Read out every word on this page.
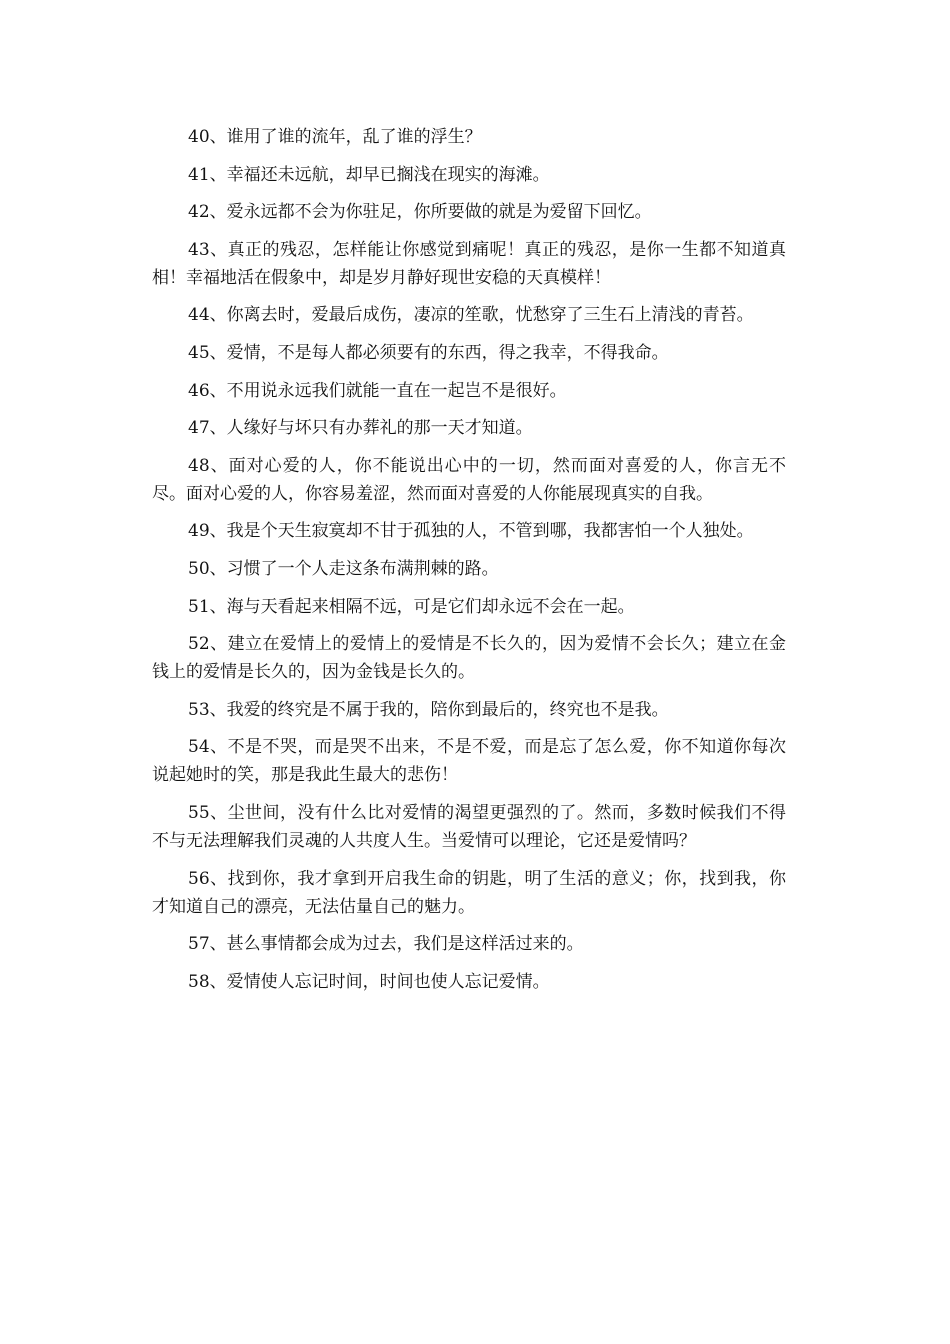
40、谁用了谁的流年，乱了谁的浮生？

41、幸福还未远航，却早已搁浅在现实的海滩。

42、爱永远都不会为你驻足，你所要做的就是为爱留下回忆。

43、真正的残忍，怎样能让你感觉到痛呢！真正的残忍，是你一生都不知道真相！幸福地活在假象中，却是岁月静好现世安稳的天真模样！

44、你离去时，爱最后成伤，凄凉的笙歌，忧愁穿了三生石上清浅的青苔。

45、爱情，不是每人都必须要有的东西，得之我幸，不得我命。

46、不用说永远我们就能一直在一起岂不是很好。

47、人缘好与坏只有办葬礼的那一天才知道。

48、面对心爱的人，你不能说出心中的一切，然而面对喜爱的人，你言无不尽。面对心爱的人，你容易羞涩，然而面对喜爱的人你能展现真实的自我。

49、我是个天生寂寞却不甘于孤独的人，不管到哪，我都害怕一个人独处。

50、习惯了一个人走这条布满荆棘的路。

51、海与天看起来相隔不远，可是它们却永远不会在一起。

52、建立在爱情上的爱情上的爱情是不长久的，因为爱情不会长久；建立在金钱上的爱情是长久的，因为金钱是长久的。

53、我爱的终究是不属于我的，陪你到最后的，终究也不是我。

54、不是不哭，而是哭不出来，不是不爱，而是忘了怎么爱，你不知道你每次说起她时的笑，那是我此生最大的悲伤！

55、尘世间，没有什么比对爱情的渴望更强烈的了。然而，多数时候我们不得不与无法理解我们灵魂的人共度人生。当爱情可以理论，它还是爱情吗？

56、找到你，我才拿到开启我生命的钥匙，明了生活的意义；你，找到我，你才知道自己的漂亮，无法估量自己的魅力。

57、甚么事情都会成为过去，我们是这样活过来的。

58、爱情使人忘记时间，时间也使人忘记爱情。
